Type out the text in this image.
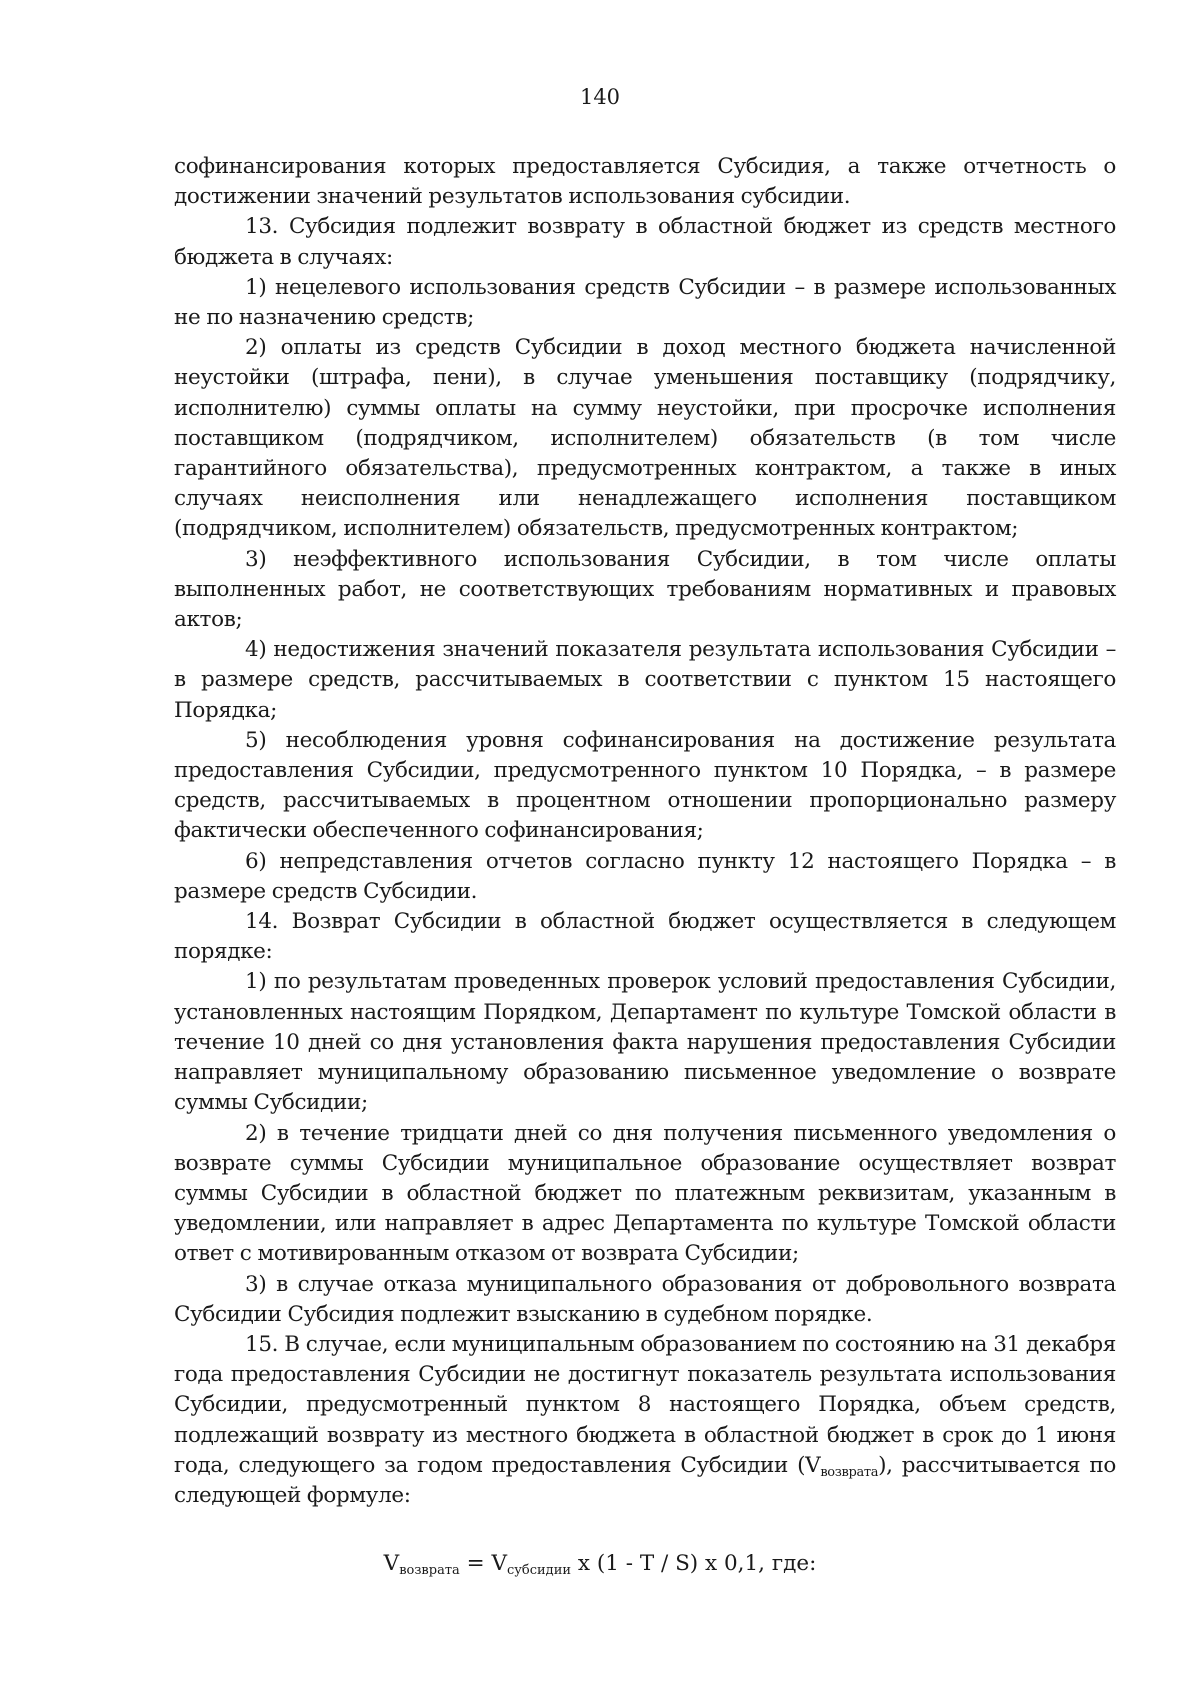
140

софинансирования которых предоставляется Субсидия, а также отчетность о достижении значений результатов использования субсидии.

13. Субсидия подлежит возврату в областной бюджет из средств местного бюджета в случаях:

1) нецелевого использования средств Субсидии – в размере использованных не по назначению средств;

2) оплаты из средств Субсидии в доход местного бюджета начисленной неустойки (штрафа, пени), в случае уменьшения поставщику (подрядчику, исполнителю) суммы оплаты на сумму неустойки, при просрочке исполнения поставщиком (подрядчиком, исполнителем) обязательств (в том числе гарантийного обязательства), предусмотренных контрактом, а также в иных случаях неисполнения или ненадлежащего исполнения поставщиком (подрядчиком, исполнителем) обязательств, предусмотренных контрактом;

3) неэффективного использования Субсидии, в том числе оплаты выполненных работ, не соответствующих требованиям нормативных и правовых актов;

4) недостижения значений показателя результата использования Субсидии – в размере средств, рассчитываемых в соответствии с пунктом 15 настоящего Порядка;

5) несоблюдения уровня софинансирования на достижение результата предоставления Субсидии, предусмотренного пунктом 10 Порядка, – в размере средств, рассчитываемых в процентном отношении пропорционально размеру фактически обеспеченного софинансирования;

6) непредставления отчетов согласно пункту 12 настоящего Порядка – в размере средств Субсидии.

14. Возврат Субсидии в областной бюджет осуществляется в следующем порядке:

1) по результатам проведенных проверок условий предоставления Субсидии, установленных настоящим Порядком, Департамент по культуре Томской области в течение 10 дней со дня установления факта нарушения предоставления Субсидии направляет муниципальному образованию письменное уведомление о возврате суммы Субсидии;

2) в течение тридцати дней со дня получения письменного уведомления о возврате суммы Субсидии муниципальное образование осуществляет возврат суммы Субсидии в областной бюджет по платежным реквизитам, указанным в уведомлении, или направляет в адрес Департамента по культуре Томской области ответ с мотивированным отказом от возврата Субсидии;

3) в случае отказа муниципального образования от добровольного возврата Субсидии Субсидия подлежит взысканию в судебном порядке.

15. В случае, если муниципальным образованием по состоянию на 31 декабря года предоставления Субсидии не достигнут показатель результата использования Субсидии, предусмотренный пунктом 8 настоящего Порядка, объем средств, подлежащий возврату из местного бюджета в областной бюджет в срок до 1 июня года, следующего за годом предоставления Субсидии $(V_{возврата})$, рассчитывается по следующей формуле:

$V_{возврата} = V_{субсидии}$ x (1 - T / S) x 0,1, где:
